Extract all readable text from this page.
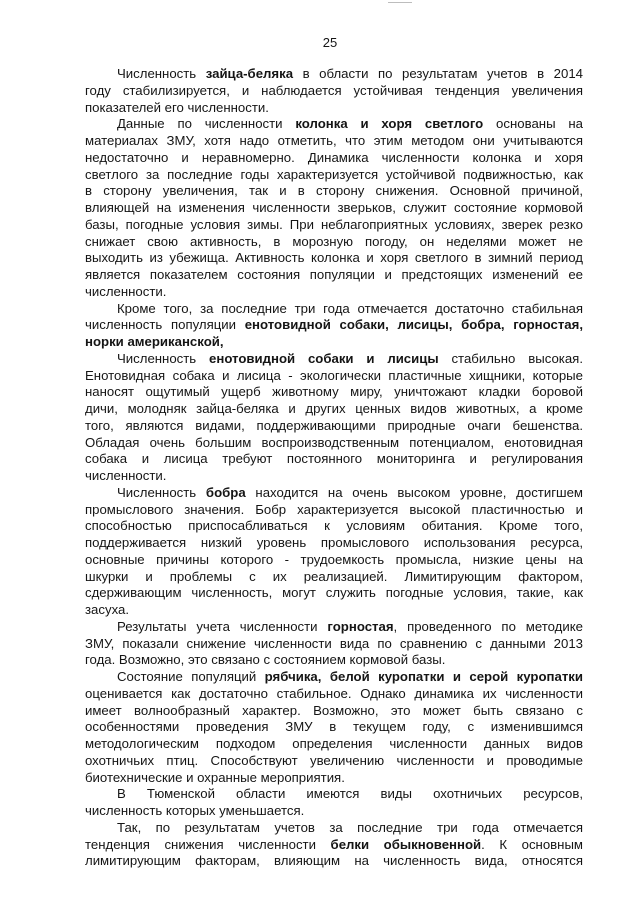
25
Численность зайца-беляка в области по результатам учетов в 2014
году стабилизируется, и наблюдается устойчивая тенденция увеличения
показателей его численности.
Данные по численности колонка и хоря светлого основаны на
материалах ЗМУ, хотя надо отметить, что этим методом они учитываются
недостаточно и неравномерно. Динамика численности колонка и хоря
светлого за последние годы характеризуется устойчивой подвижностью, как
в сторону увеличения, так и в сторону снижения. Основной причиной,
влияющей на изменения численности зверьков, служит состояние кормовой
базы, погодные условия зимы. При неблагоприятных условиях, зверек резко
снижает свою активность, в морозную погоду, он неделями может не
выходить из убежища. Активность колонка и хоря светлого в зимний период
является показателем состояния популяции и предстоящих изменений ее
численности.
Кроме того, за последние три года отмечается достаточно стабильная
численность популяции енотовидной собаки, лисицы, бобра, горностая,
норки американской,
Численность енотовидной собаки и лисицы стабильно высокая.
Енотовидная собака и лисица - экологически пластичные хищники, которые
наносят ощутимый ущерб животному миру, уничтожают кладки боровой
дичи, молодняк зайца-беляка и других ценных видов животных, а кроме
того, являются видами, поддерживающими природные очаги бешенства.
Обладая очень большим воспроизводственным потенциалом, енотовидная
собака и лисица требуют постоянного мониторинга и регулирования
численности.
Численность бобра находится на очень высоком уровне, достигшем
промыслового значения. Бобр характеризуется высокой пластичностью и
способностью приспосабливаться к условиям обитания. Кроме того,
поддерживается низкий уровень промыслового использования ресурса,
основные причины которого - трудоемкость промысла, низкие цены на
шкурки и проблемы с их реализацией. Лимитирующим фактором,
сдерживающим численность, могут служить погодные условия, такие, как
засуха.
Результаты учета численности горностая, проведенного по методике
ЗМУ, показали снижение численности вида по сравнению с данными 2013
года. Возможно, это связано с состоянием кормовой базы.
Состояние популяций рябчика, белой куропатки и серой куропатки
оценивается как достаточно стабильное. Однако динамика их численности
имеет волнообразный характер. Возможно, это может быть связано с
особенностями проведения ЗМУ в текущем году, с изменившимся
методологическим подходом определения численности данных видов
охотничьих птиц. Способствуют увеличению численности и проводимые
биотехнические и охранные мероприятия.
В Тюменской области имеются виды охотничьих ресурсов,
численность которых уменьшается.
Так, по результатам учетов за последние три года отмечается
тенденция снижения численности белки обыкновенной. К основным
лимитирующим факторам, влияющим на численность вида, относятся
